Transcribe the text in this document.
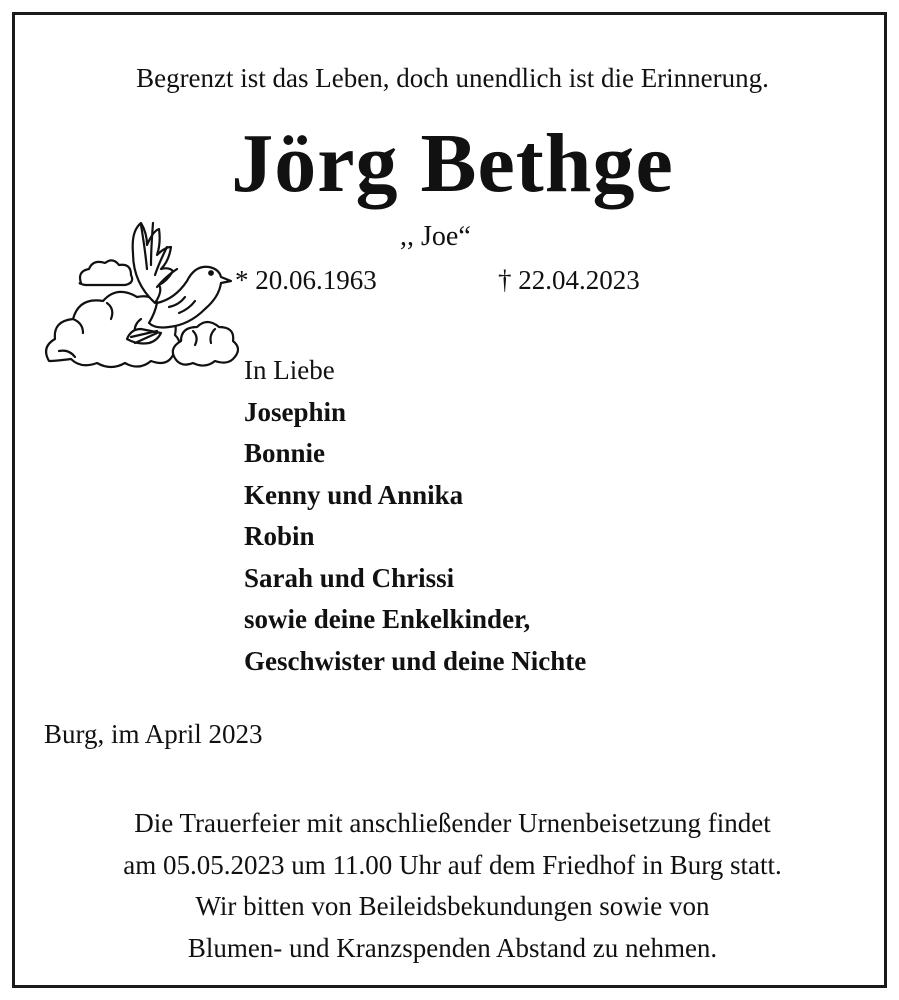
Begrenzt ist das Leben, doch unendlich ist die Erinnerung.
Jörg Bethge
,, Joe“
* 20.06.1963	† 22.04.2023
In Liebe
Josephin
Bonnie
Kenny und Annika
Robin
Sarah und Chrissi
sowie deine Enkelkinder,
Geschwister und deine Nichte
Burg, im April 2023
Die Trauerfeier mit anschließender Urnenbeisetzung findet
am 05.05.2023 um 11.00 Uhr auf dem Friedhof in Burg statt.
Wir bitten von Beileidsbekundungen sowie von
Blumen- und Kranzspenden Abstand zu nehmen.
